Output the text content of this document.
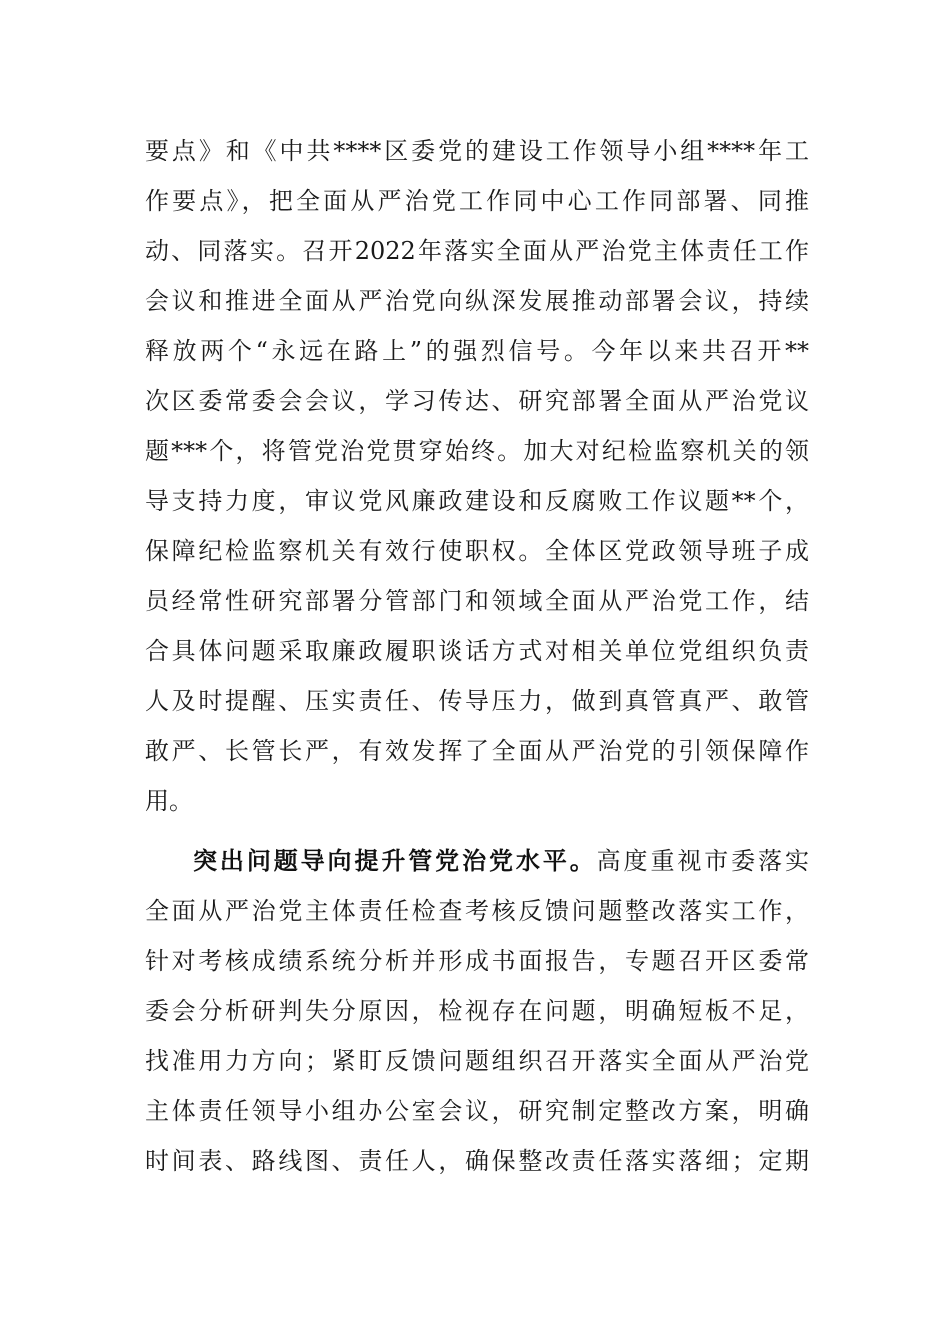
要点》和《中共****区委党的建设工作领导小组****年工

作要点》，把全面从严治党工作同中心工作同部署、同推

动、同落实。召开2022年落实全面从严治党主体责任工作

会议和推进全面从严治党向纵深发展推动部署会议，持续

释放两个“永远在路上”的强烈信号。今年以来共召开**

次区委常委会会议，学习传达、研究部署全面从严治党议

题***个，将管党治党贯穿始终。加大对纪检监察机关的领

导支持力度，审议党风廉政建设和反腐败工作议题**个，

保障纪检监察机关有效行使职权。全体区党政领导班子成

员经常性研究部署分管部门和领域全面从严治党工作，结

合具体问题采取廉政履职谈话方式对相关单位党组织负责

人及时提醒、压实责任、传导压力，做到真管真严、敢管

敢严、长管长严，有效发挥了全面从严治党的引领保障作

用。

突出问题导向提升管党治党水平。高度重视市委落实

全面从严治党主体责任检查考核反馈问题整改落实工作，

针对考核成绩系统分析并形成书面报告，专题召开区委常

委会分析研判失分原因，检视存在问题，明确短板不足，

找准用力方向；紧盯反馈问题组织召开落实全面从严治党

主体责任领导小组办公室会议，研究制定整改方案，明确

时间表、路线图、责任人，确保整改责任落实落细；定期
